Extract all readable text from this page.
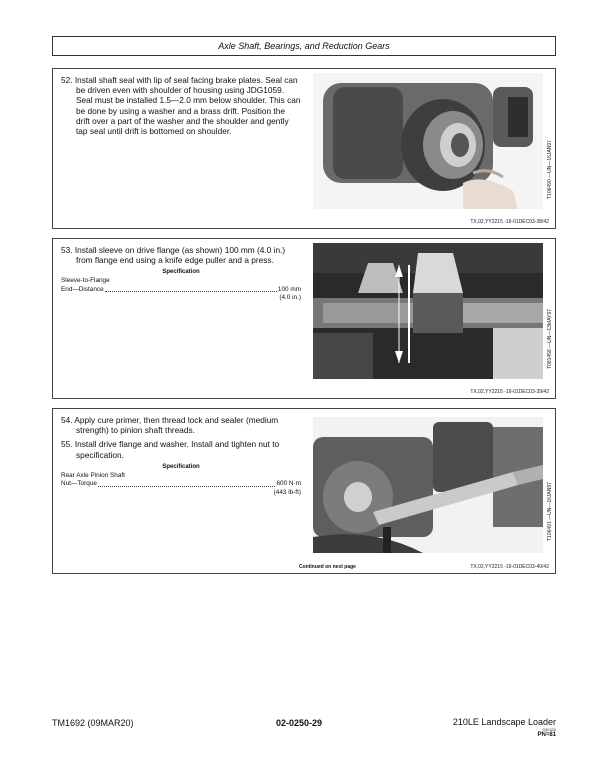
Axle Shaft, Bearings, and Reduction Gears

52. Install shaft seal with lip of seal facing brake plates. Seal can be driven even with shoulder of housing using JDG1059. Seal must be installed 1.5—2.0 mm below shoulder. This can be done by using a washer and a brass drift. Position the drift over a part of the washer and the shoulder and gently tap seal until drift is bottomed on shoulder.

T106490 —UN—16JAN97
TX,02,YY2215 -19-01DEC03-38/42

53. Install sleeve on drive flange (as shown) 100 mm (4.0 in.) from flange end using a knife edge puller and a press.

Specification
Sleeve-to-Flange
End—Distance	100 mm
(4.0 in.)
T081458 —UN—13MAY97
TX,02,YY2215 -19-01DEC03-39/42

54. Apply cure primer, then thread lock and sealer (medium strength) to pinion shaft threads.

55. Install drive flange and washer. Install and tighten nut to specification.

Specification
Rear Axle Pinion Shaft
Nut—Torque	600 N·m
(443 lb-ft)	T106491 —UN—16JAN97
Continued on next page	TX,02,YY2215 -19-01DEC03-40/42
TM1692 (09MAR20)	02-0250-29	210LE Landscape Loader
030320
PN=81
